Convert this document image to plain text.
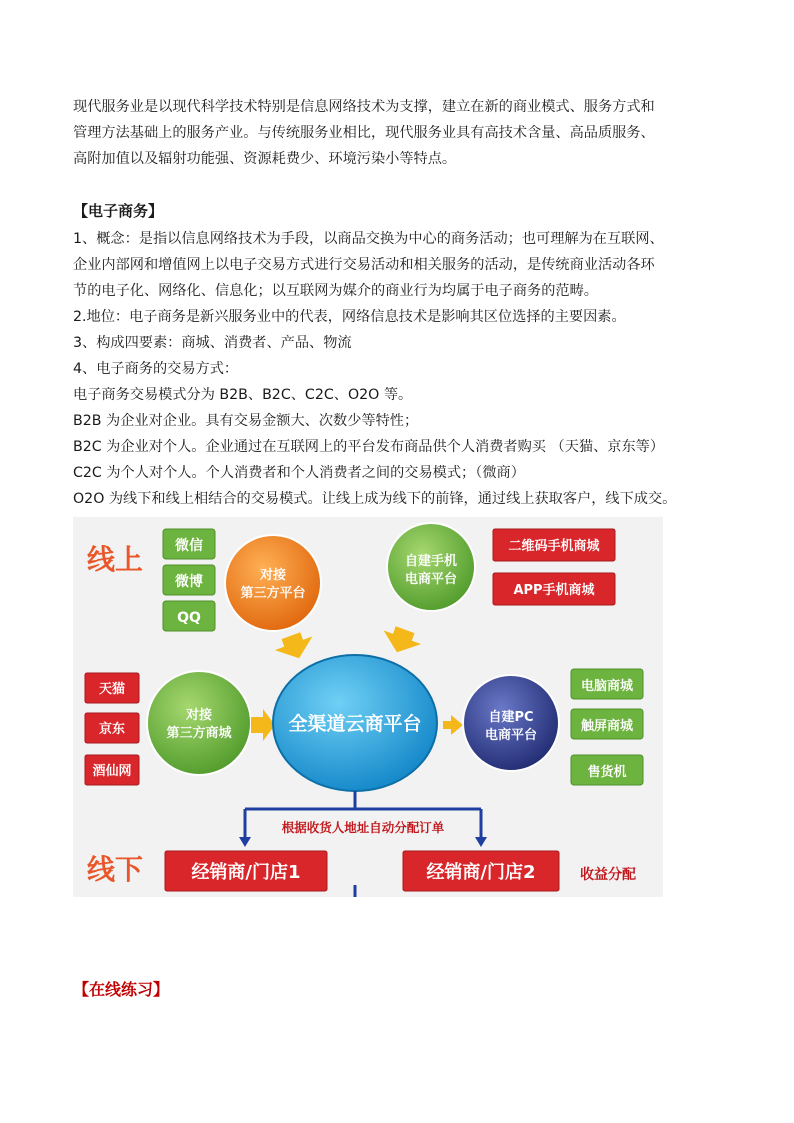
现代服务业是以现代科学技术特别是信息网络技术为支撑，建立在新的商业模式、服务方式和
管理方法基础上的服务产业。与传统服务业相比，现代服务业具有高技术含量、高品质服务、
高附加值以及辐射功能强、资源耗费少、环境污染小等特点。

【电子商务】

1、概念：是指以信息网络技术为手段，以商品交换为中心的商务活动；也可理解为在互联网、
企业内部网和增值网上以电子交易方式进行交易活动和相关服务的活动，是传统商业活动各环
节的电子化、网络化、信息化；以互联网为媒介的商业行为均属于电子商务的范畴。
2.地位：电子商务是新兴服务业中的代表，网络信息技术是影响其区位选择的主要因素。
3、构成四要素：商城、消费者、产品、物流
4、电子商务的交易方式：
电子商务交易模式分为 B2B、B2C、C2C、O2O 等。
B2B 为企业对企业。具有交易金额大、次数少等特性；
B2C 为企业对个人。企业通过在互联网上的平台发布商品供个人消费者购买 （天猫、京东等）
C2C 为个人对个人。个人消费者和个人消费者之间的交易模式；（微商）
O2O 为线下和线上相结合的交易模式。让线上成为线下的前锋，通过线上获取客户，线下成交。

线上 微信
微博
QQ
对接
第三方平台
自建手机
电商平台
二维码手机商城
APP手机商城
天猫
京东
酒仙网
对接
第三方商城	全渠道云商平台	自建PC
电商平台
电脑商城
触屏商城
售货机
根据收货人地址自动分配订单
线下	经销商/门店1	经销商/门店2	收益分配

【在线练习】
